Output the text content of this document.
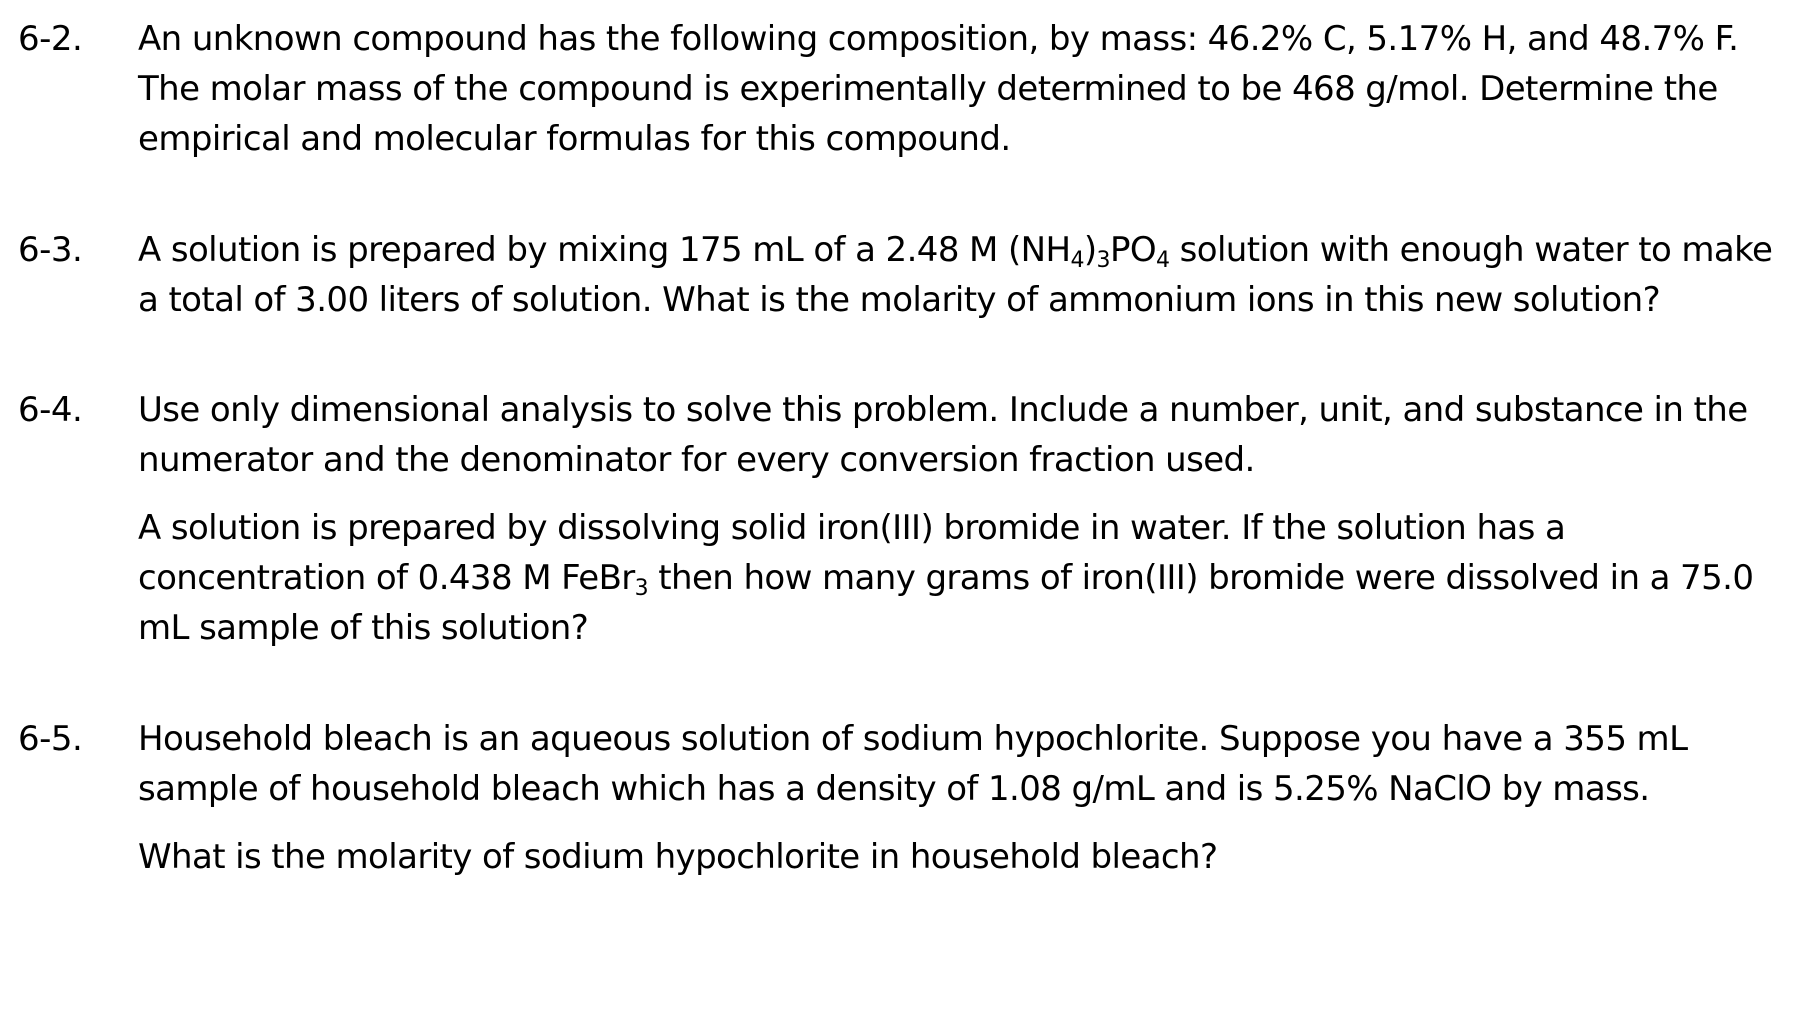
6-2. An unknown compound has the following composition, by mass: 46.2% C, 5.17% H, and 48.7% F.
The molar mass of the compound is experimentally determined to be 468 g/mol. Determine the
empirical and molecular formulas for this compound.
6-3. A solution is prepared by mixing 175 mL of a 2.48 M $(NH_4)_3PO_4$ solution with enough water to make
a total of 3.00 liters of solution. What is the molarity of ammonium ions in this new solution?
6-4. Use only dimensional analysis to solve this problem. Include a number, unit, and substance in the
numerator and the denominator for every conversion fraction used.
A solution is prepared by dissolving solid iron(III) bromide in water. If the solution has a
concentration of 0.438 M FeBr$_3$ then how many grams of iron(III) bromide were dissolved in a 75.0
mL sample of this solution?
6-5. Household bleach is an aqueous solution of sodium hypochlorite. Suppose you have a 355 mL
sample of household bleach which has a density of 1.08 g/mL and is 5.25% NaClO by mass.
What is the molarity of sodium hypochlorite in household bleach?
